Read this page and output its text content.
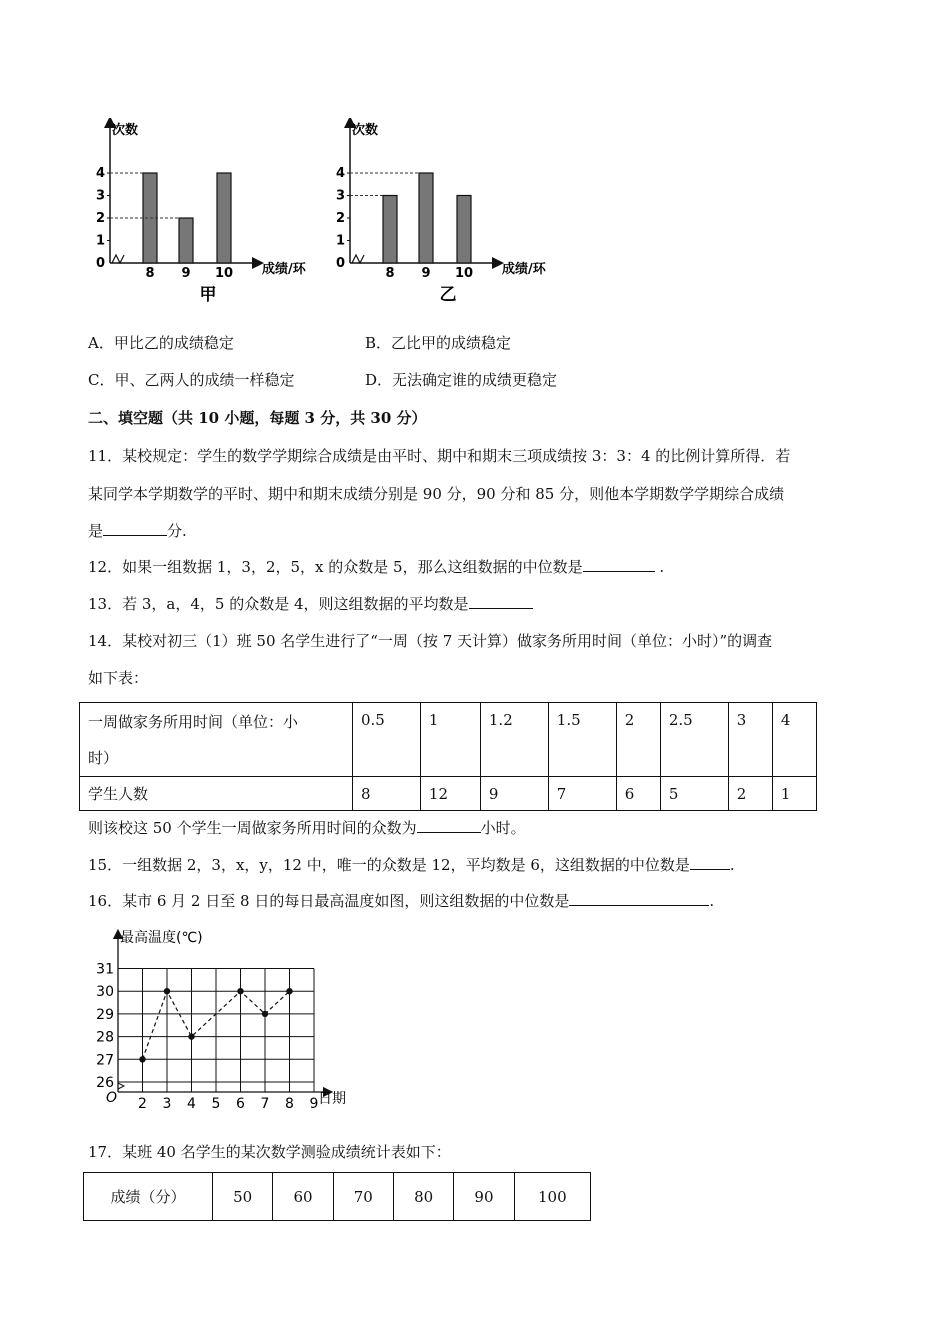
次数
成绩/环
甲
0
1
2
3
4
8 9 10
次数
成绩/环
乙
0
1
2
3
4
8 9 10
A．甲比乙的成绩稳定	B．乙比甲的成绩稳定
C．甲、乙两人的成绩一样稳定	D．无法确定谁的成绩更稳定
二、填空题（共 10 小题，每题 3 分，共 30 分）
11．某校规定：学生的数学学期综合成绩是由平时、期中和期末三项成绩按 3：3：4 的比例计算所得．若
某同学本学期数学的平时、期中和期末成绩分别是 90 分，90 分和 85 分，则他本学期数学学期综合成绩
是	分.
12．如果一组数据 1，3，2，5，x 的众数是 5，那么这组数据的中位数是	.
13．若 3，a，4，5 的众数是 4，则这组数据的平均数是
14．某校对初三（1）班 50 名学生进行了“一周（按 7 天计算）做家务所用时间（单位：小时）”的调查
如下表：
一周做家务所用时间（单位：小
时）	0.5	1	1.2	1.5	2	2.5	3	4
学生人数	8	12	9	7	6	5	2	1
则该校这 50 个学生一周做家务所用时间的众数为	小时。
15．一组数据 2，3，x，y，12 中，唯一的众数是 12，平均数是 6，这组数据的中位数是	.
16．某市 6 月 2 日至 8 日的每日最高温度如图，则这组数据的中位数是	.
26
27
28
29
30
31
2 3 4 5 6 7 8 9
最高温度(℃)
日期
O
17．某班 40 名学生的某次数学测验成绩统计表如下：
成绩（分）	50	60	70	80	90	100
